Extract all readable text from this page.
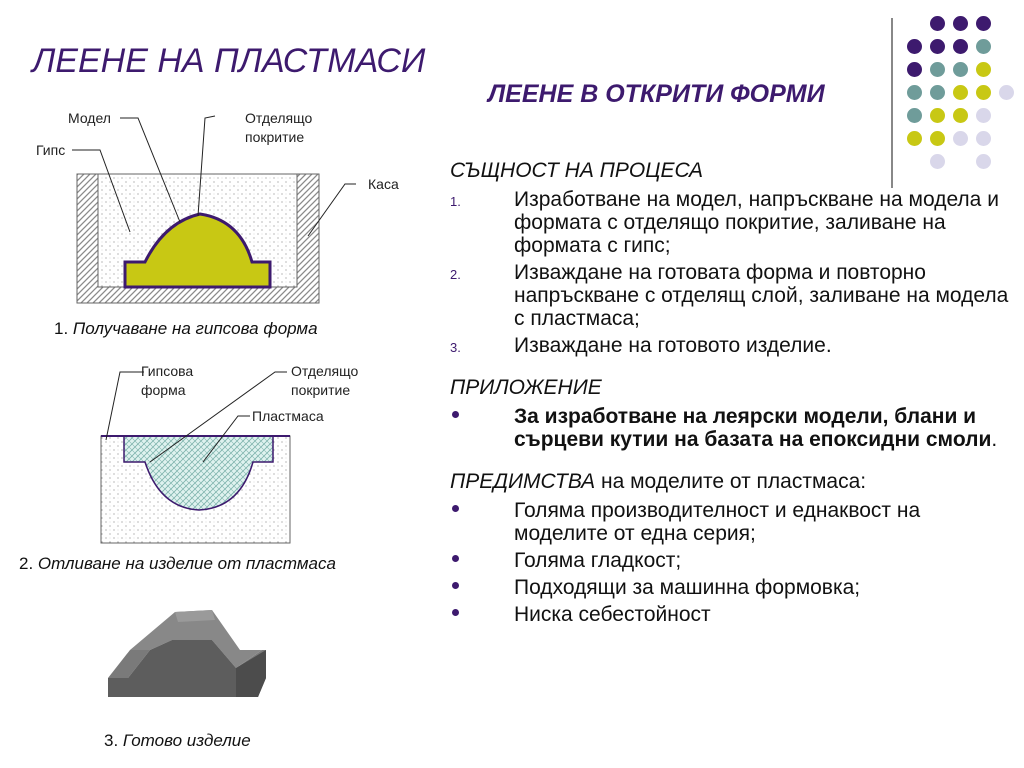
ЛЕЕНЕ НА ПЛАСТМАСИ
ЛЕЕНЕ В ОТКРИТИ ФОРМИ
Модел	Отделящо
покритие
Гипс
Каса
1. Получаване на гипсова форма
Гипсова
форма
Отделящо
покритие
Пластмаса
2. Отливане на изделие от пластмаса
3. Готово изделие
СЪЩНОСТ НА ПРОЦЕСА
1.	Изработване на модел, напръскване на модела и формата с отделящо покритие, заливане на формата с гипс;
2.	Изваждане на готовата форма и повторно напръскване с отделящ слой, заливане на модела с пластмаса;
3.	Изваждане на готовото изделие.
ПРИЛОЖЕНИЕ
За изработване на леярски модели, блани и сърцеви кутии на базата на епоксидни смоли.
ПРЕДИМСТВА на моделите от пластмаса:
Голяма производителност и еднаквост на моделите от една серия;
Голяма гладкост;
Подходящи за машинна формовка;
Ниска себестойност
